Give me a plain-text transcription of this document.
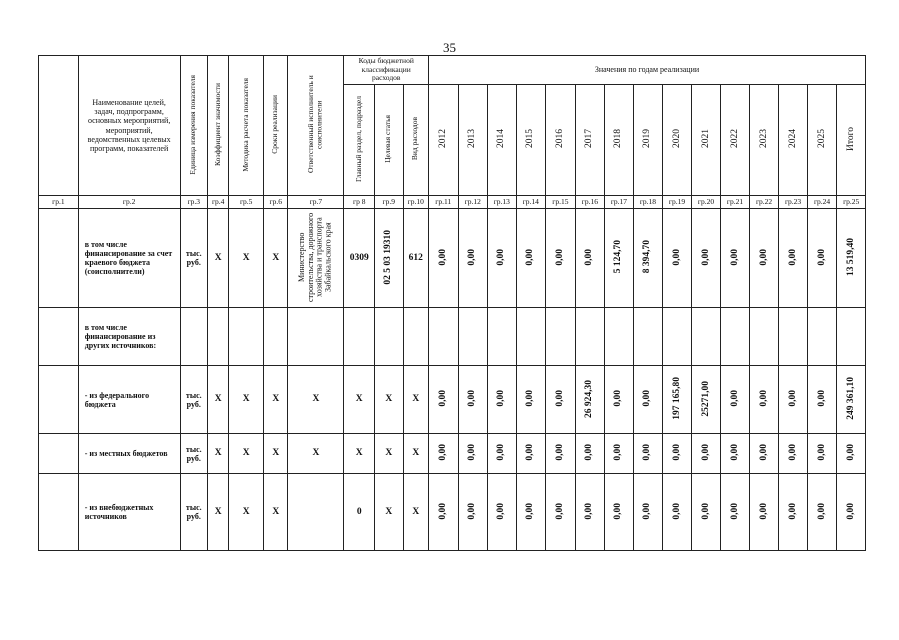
35

	Наименование целей, задач, подпрограмм, основных мероприятий, мероприятий, ведомственных целевых программ, показателей	Единица измерения показателя	Коэффициент значимости	Методика расчета показателя	Сроки реализации	Ответственный исполнитель и соисполнители	Коды бюджетной классификации расходов			Значения по годам реализации														
							Главный раздел, подраздел	Целевая статья	Вид расходов	2012	2013	2014	2015	2016	2017	2018	2019	2020	2021	2022	2023	2024	2025	Итого
гр.1	гр.2	гр.3	гр.4	гр.5	гр.6	гр.7	гр 8	гр.9	гр.10	гр.11	гр.12	гр.13	гр.14	гр.15	гр.16	гр.17	гр.18	гр.19	гр.20	гр.21	гр.22	гр.23	гр.24	гр.25
	в том числе финансирование за счет краевого бюджета (соисполнители)	тыс. руб.	X	X	X	Министерство строительства, дорожного хозяйства и транспорта Забайкальского края	0309	02 5 03 19310	612	0,00	0,00	0,00	0,00	0,00	0,00	5 124,70	8 394,70	0,00	0,00	0,00	0,00	0,00	0,00	13 519,40
	в том числе финансирование из других источников:																							
	- из федерального бюджета	тыс. руб.	X	X	X	X	X	X	X	0,00	0,00	0,00	0,00	0,00	26 924,30	0,00	0,00	197 165,80	25271,00	0,00	0,00	0,00	0,00	249 361,10
	- из местных бюджетов	тыс. руб.	X	X	X	X	X	X	X	0,00	0,00	0,00	0,00	0,00	0,00	0,00	0,00	0,00	0,00	0,00	0,00	0,00	0,00	0,00
	- из внебюджетных источников	тыс. руб.	X	X	X		0	X	X	0,00	0,00	0,00	0,00	0,00	0,00	0,00	0,00	0,00	0,00	0,00	0,00	0,00	0,00	0,00
